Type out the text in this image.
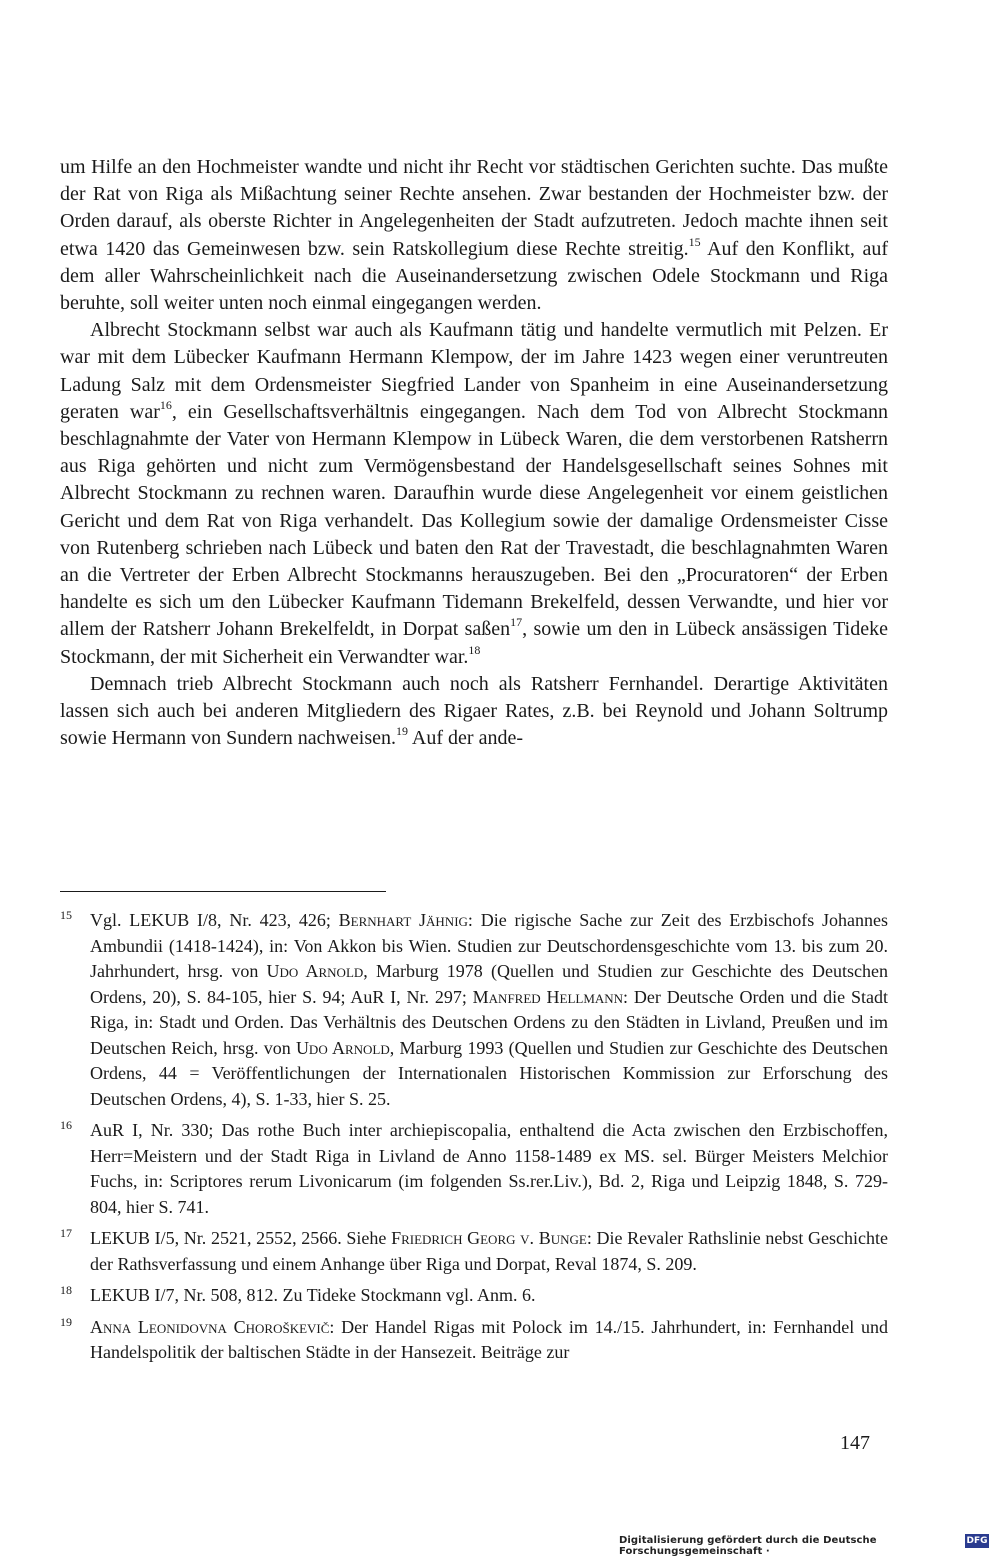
um Hilfe an den Hochmeister wandte und nicht ihr Recht vor städtischen Gerichten suchte. Das mußte der Rat von Riga als Mißachtung seiner Rechte ansehen. Zwar bestanden der Hochmeister bzw. der Orden darauf, als oberste Richter in Angelegenheiten der Stadt aufzutreten. Jedoch machte ihnen seit etwa 1420 das Gemeinwesen bzw. sein Ratskollegium diese Rechte streitig.$^{15}$ Auf den Konflikt, auf dem aller Wahrscheinlichkeit nach die Auseinandersetzung zwischen Odele Stockmann und Riga beruhte, soll weiter unten noch einmal eingegangen werden.

Albrecht Stockmann selbst war auch als Kaufmann tätig und handelte vermutlich mit Pelzen. Er war mit dem Lübecker Kaufmann Hermann Klempow, der im Jahre 1423 wegen einer veruntreuten Ladung Salz mit dem Ordensmeister Siegfried Lander von Spanheim in eine Auseinandersetzung geraten war$^{16}$, ein Gesellschaftsverhältnis eingegangen. Nach dem Tod von Albrecht Stockmann beschlagnahmte der Vater von Hermann Klempow in Lübeck Waren, die dem verstorbenen Ratsherrn aus Riga gehörten und nicht zum Vermögensbestand der Handelsgesellschaft seines Sohnes mit Albrecht Stockmann zu rechnen waren. Daraufhin wurde diese Angelegenheit vor einem geistlichen Gericht und dem Rat von Riga verhandelt. Das Kollegium sowie der damalige Ordensmeister Cisse von Rutenberg schrieben nach Lübeck und baten den Rat der Travestadt, die beschlagnahmten Waren an die Vertreter der Erben Albrecht Stockmanns herauszugeben. Bei den „Procuratoren“ der Erben handelte es sich um den Lübecker Kaufmann Tidemann Brekelfeld, dessen Verwandte, und hier vor allem der Ratsherr Johann Brekelfeldt, in Dorpat saßen$^{17}$, sowie um den in Lübeck ansässigen Tideke Stockmann, der mit Sicherheit ein Verwandter war.$^{18}$

Demnach trieb Albrecht Stockmann auch noch als Ratsherr Fernhandel. Derartige Aktivitäten lassen sich auch bei anderen Mitgliedern des Rigaer Rates, z.B. bei Reynold und Johann Soltrump sowie Hermann von Sundern nachweisen.$^{19}$ Auf der ande-

15	Vgl. LEKUB I/8, Nr. 423, 426; Bernhart Jähnig: Die rigische Sache zur Zeit des Erzbischofs Johannes Ambundii (1418-1424), in: Von Akkon bis Wien. Studien zur Deutschordensgeschichte vom 13. bis zum 20. Jahrhundert, hrsg. von Udo Arnold, Marburg 1978 (Quellen und Studien zur Geschichte des Deutschen Ordens, 20), S. 84-105, hier S. 94; AuR I, Nr. 297; Manfred Hellmann: Der Deutsche Orden und die Stadt Riga, in: Stadt und Orden. Das Verhältnis des Deutschen Ordens zu den Städten in Livland, Preußen und im Deutschen Reich, hrsg. von Udo Arnold, Marburg 1993 (Quellen und Studien zur Geschichte des Deutschen Ordens, 44 = Veröffentlichungen der Internationalen Historischen Kommission zur Erforschung des Deutschen Ordens, 4), S. 1-33, hier S. 25.
16	AuR I, Nr. 330; Das rothe Buch inter archiepiscopalia, enthaltend die Acta zwischen den Erzbischoffen, Herr=Meistern und der Stadt Riga in Livland de Anno 1158-1489 ex MS. sel. Bürger Meisters Melchior Fuchs, in: Scriptores rerum Livonicarum (im folgenden Ss.rer.Liv.), Bd. 2, Riga und Leipzig 1848, S. 729-804, hier S. 741.
17	LEKUB I/5, Nr. 2521, 2552, 2566. Siehe Friedrich Georg v. Bunge: Die Revaler Rathslinie nebst Geschichte der Rathsverfassung und einem Anhange über Riga und Dorpat, Reval 1874, S. 209.
18	LEKUB I/7, Nr. 508, 812. Zu Tideke Stockmann vgl. Anm. 6.
19	Anna Leonidovna Choroškevič: Der Handel Rigas mit Polock im 14./15. Jahrhundert, in: Fernhandel und Handelspolitik der baltischen Städte in der Hansezeit. Beiträge zur
147
Digitalisierung gefördert durch die Deutsche Forschungsgemeinschaft ·
DFG
